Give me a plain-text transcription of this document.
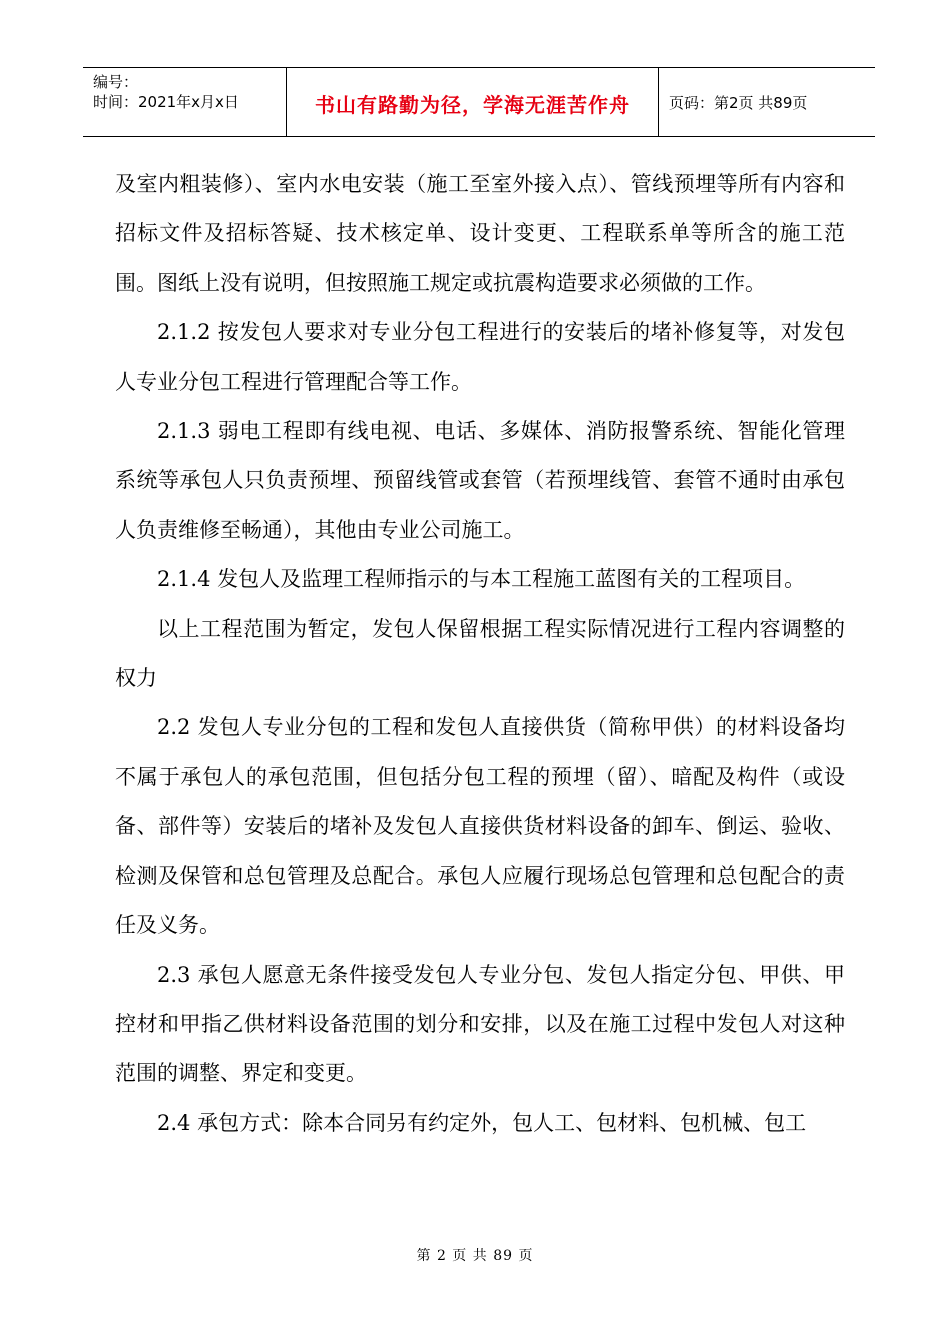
编号：
时间：2021年x月x日	书山有路勤为径，学海无涯苦作舟	页码：第2页 共89页

及室内粗装修）、室内水电安装（施工至室外接入点）、管线预埋等所有内容和招标文件及招标答疑、技术核定单、设计变更、工程联系单等所含的施工范围。图纸上没有说明，但按照施工规定或抗震构造要求必须做的工作。

2.1.2 按发包人要求对专业分包工程进行的安装后的堵补修复等，对发包人专业分包工程进行管理配合等工作。

2.1.3 弱电工程即有线电视、电话、多媒体、消防报警系统、智能化管理系统等承包人只负责预埋、预留线管或套管（若预埋线管、套管不通时由承包人负责维修至畅通），其他由专业公司施工。

2.1.4 发包人及监理工程师指示的与本工程施工蓝图有关的工程项目。

以上工程范围为暂定，发包人保留根据工程实际情况进行工程内容调整的权力

2.2 发包人专业分包的工程和发包人直接供货（简称甲供）的材料设备均不属于承包人的承包范围，但包括分包工程的预埋（留）、暗配及构件（或设备、部件等）安装后的堵补及发包人直接供货材料设备的卸车、倒运、验收、检测及保管和总包管理及总配合。承包人应履行现场总包管理和总包配合的责任及义务。

2.3 承包人愿意无条件接受发包人专业分包、发包人指定分包、甲供、甲控材和甲指乙供材料设备范围的划分和安排，以及在施工过程中发包人对这种范围的调整、界定和变更。

2.4 承包方式：除本合同另有约定外，包人工、包材料、包机械、包工

第 2 页 共 89 页
